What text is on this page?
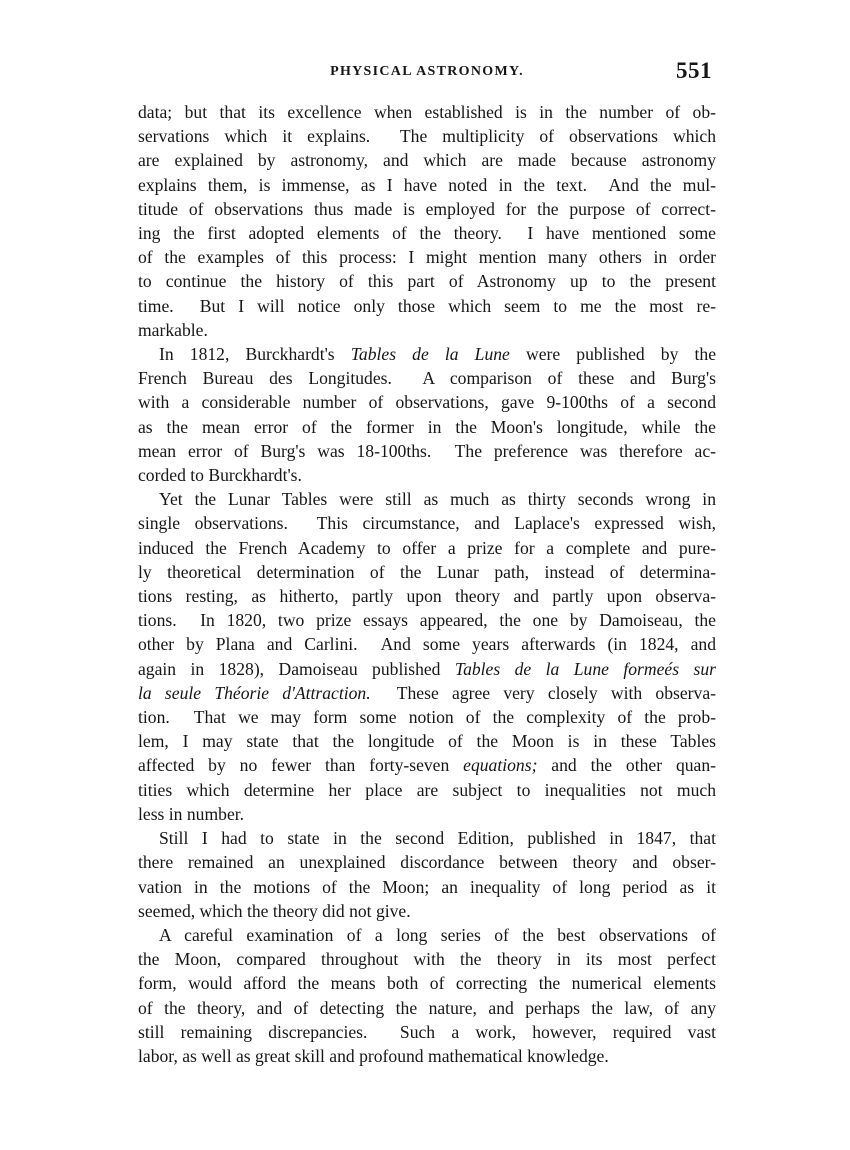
PHYSICAL ASTRONOMY.	551

data; but that its excellence when established is in the number of ob-
servations which it explains.  The multiplicity of observations which
are explained by astronomy, and which are made because astronomy
explains them, is immense, as I have noted in the text.  And the mul-
titude of observations thus made is employed for the purpose of correct-
ing the first adopted elements of the theory.  I have mentioned some
of the examples of this process: I might mention many others in order
to continue the history of this part of Astronomy up to the present
time.  But I will notice only those which seem to me the most re-
markable.

In 1812, Burckhardt's Tables de la Lune were published by the
French Bureau des Longitudes.  A comparison of these and Burg's
with a considerable number of observations, gave 9-100ths of a second
as the mean error of the former in the Moon's longitude, while the
mean error of Burg's was 18-100ths.  The preference was therefore ac-
corded to Burckhardt's.

Yet the Lunar Tables were still as much as thirty seconds wrong in
single observations.  This circumstance, and Laplace's expressed wish,
induced the French Academy to offer a prize for a complete and pure-
ly theoretical determination of the Lunar path, instead of determina-
tions resting, as hitherto, partly upon theory and partly upon observa-
tions.  In 1820, two prize essays appeared, the one by Damoiseau, the
other by Plana and Carlini.  And some years afterwards (in 1824, and
again in 1828), Damoiseau published Tables de la Lune formeés sur
la seule Théorie d'Attraction.  These agree very closely with observa-
tion.  That we may form some notion of the complexity of the prob-
lem, I may state that the longitude of the Moon is in these Tables
affected by no fewer than forty-seven equations; and the other quan-
tities which determine her place are subject to inequalities not much
less in number.

Still I had to state in the second Edition, published in 1847, that
there remained an unexplained discordance between theory and obser-
vation in the motions of the Moon; an inequality of long period as it
seemed, which the theory did not give.

A careful examination of a long series of the best observations of
the Moon, compared throughout with the theory in its most perfect
form, would afford the means both of correcting the numerical elements
of the theory, and of detecting the nature, and perhaps the law, of any
still remaining discrepancies.  Such a work, however, required vast
labor, as well as great skill and profound mathematical knowledge.
